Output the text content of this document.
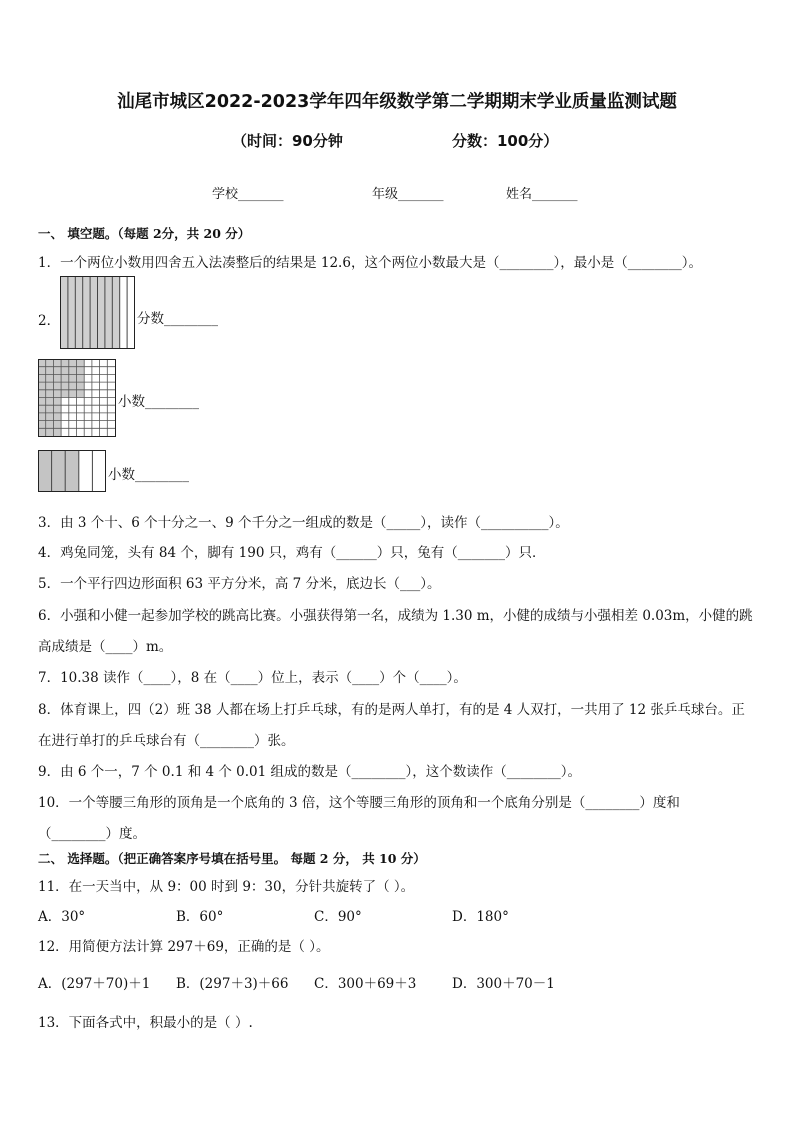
汕尾市城区2022-2023学年四年级数学第二学期期末学业质量监测试题
（时间：90分钟	分数：100分）
学校_______	年级_______	姓名_______
一、 填空题。（每题 2分，共 20 分）
1．一个两位小数用四舍五入法凑整后的结果是 12.6，这个两位小数最大是（________），最小是（________）。
2．	分数________
小数________
小数________
3．由 3 个十、6 个十分之一、9 个千分之一组成的数是（_____），读作（__________）。
4．鸡兔同笼，头有 84 个，脚有 190 只，鸡有（______）只，兔有（_______）只．
5．一个平行四边形面积 63 平方分米，高 7 分米，底边长（___）。
6．小强和小健一起参加学校的跳高比赛。小强获得第一名，成绩为 1.30 m，小健的成绩与小强相差 0.03m，小健的跳
高成绩是（____）m。
7．10.38 读作（____），8 在（____）位上，表示（____）个（____）。
8．体育课上，四（2）班 38 人都在场上打乒乓球，有的是两人单打，有的是 4 人双打，一共用了 12 张乒乓球台。正
在进行单打的乒乓球台有（________）张。
9．由 6 个一，7 个 0.1 和 4 个 0.01 组成的数是（________），这个数读作（________）。
10．一个等腰三角形的顶角是一个底角的 3 倍，这个等腰三角形的顶角和一个底角分别是（________）度和
（________）度。
二、 选择题。（把正确答案序号填在括号里。 每题 2 分， 共 10 分）
11．在一天当中，从 9：00 时到 9：30，分针共旋转了（ ）。
A．30°	B．60°	C．90°	D．180°
12．用简便方法计算 297＋69，正确的是（ ）。
A．(297＋70)＋1 B．(297＋3)＋66 C．300＋69＋3	D．300＋70－1
13．下面各式中，积最小的是（ ）.
